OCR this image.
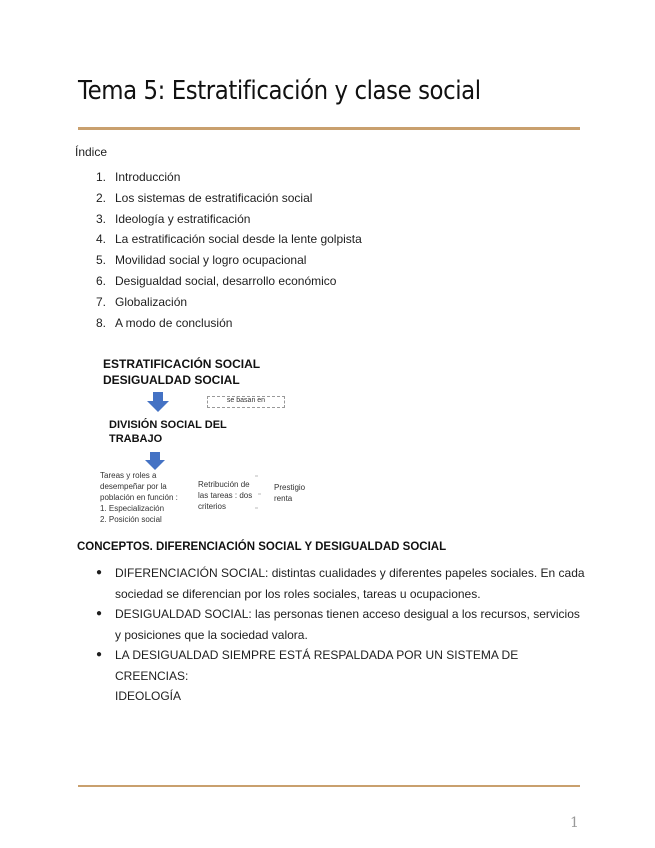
Tema 5: Estratificación y clase social
Índice
1. Introducción
2. Los sistemas de estratificación social
3. Ideología y estratificación
4. La estratificación social desde la lente golpista
5. Movilidad social y logro ocupacional
6. Desigualdad social, desarrollo económico
7. Globalización
8. A modo de conclusión
ESTRATIFICACIÓN SOCIAL
DESIGUALDAD SOCIAL
se basan en
DIVISIÓN SOCIAL DEL
TRABAJO
Tareas y roles a
desempeñar por la
población en función :
1. Especialización
2. Posición social
Retribución de
las tareas : dos
criterios
Prestigio
renta
CONCEPTOS. DIFERENCIACIÓN SOCIAL Y DESIGUALDAD SOCIAL
●	DIFERENCIACIÓN SOCIAL: distintas cualidades y diferentes papeles sociales. En cada
sociedad se diferencian por los roles sociales, tareas u ocupaciones.
●	DESIGUALDAD SOCIAL: las personas tienen acceso desigual a los recursos, servicios
y posiciones que la sociedad valora.
●	LA DESIGUALDAD SIEMPRE ESTÁ RESPALDADA POR UN SISTEMA DE CREENCIAS:
IDEOLOGÍA
1
